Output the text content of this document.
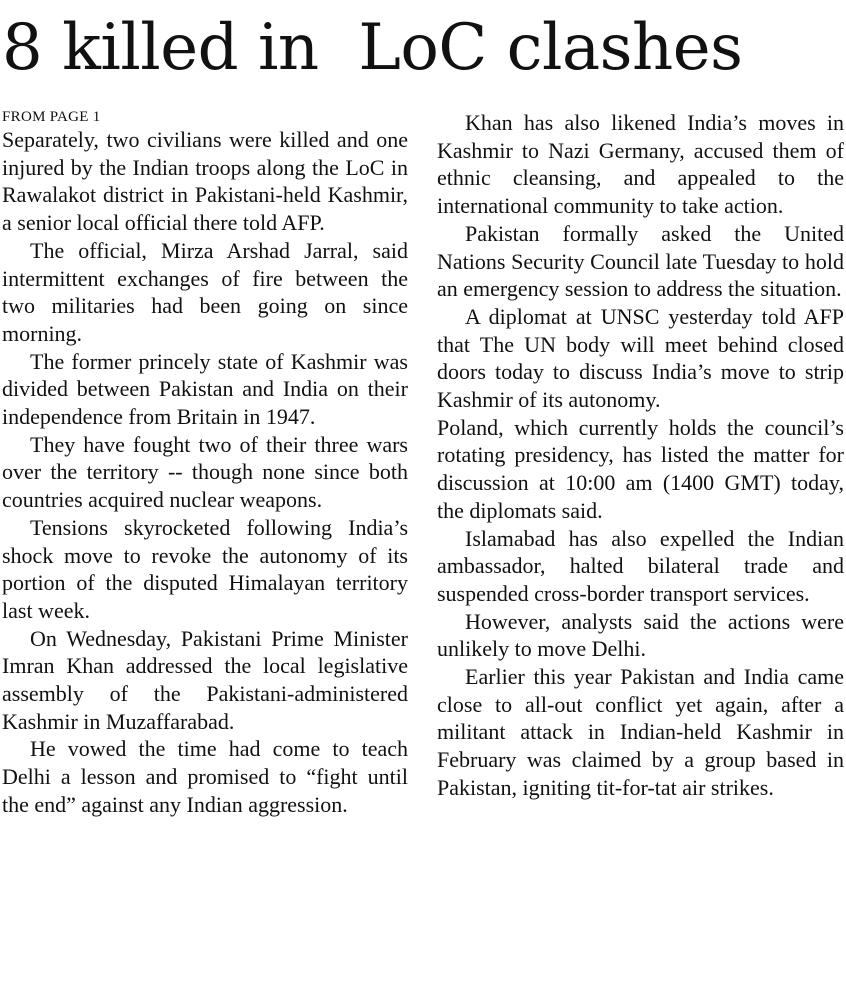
8 killed in  LoC clashes
FROM PAGE 1

Separately, two civilians were killed and one injured by the Indian troops along the LoC in Rawalakot district in Pakistani-held Kashmir, a senior local official there told AFP.

The official, Mirza Arshad Jarral, said intermittent exchanges of fire between the two militaries had been going on since morning.

The former princely state of Kashmir was divided between Pakistan and India on their independence from Britain in 1947.

They have fought two of their three wars over the territory -- though none since both countries acquired nuclear weapons.

Tensions skyrocketed following India’s shock move to revoke the autonomy of its portion of the disputed Himalayan territory last week.

On Wednesday, Pakistani Prime Minister Imran Khan addressed the local legislative assembly of the Pakistani-administered Kashmir in Muzaffarabad.

He vowed the time had come to teach Delhi a lesson and promised to “fight until the end” against any Indian aggression.

Khan has also likened India’s moves in Kashmir to Nazi Germany, accused them of ethnic cleansing, and appealed to the international community to take action.

Pakistan formally asked the United Nations Security Council late Tuesday to hold an emergency session to address the situation.

A diplomat at UNSC yesterday told AFP that The UN body will meet behind closed doors today to discuss India’s move to strip Kashmir of its autonomy.

Poland, which currently holds the council’s rotating presidency, has listed the matter for discussion at 10:00 am (1400 GMT) today, the diplomats said.

Islamabad has also expelled the Indian ambassador, halted bilateral trade and suspended cross-border transport services.

However, analysts said the actions were unlikely to move Delhi.

Earlier this year Pakistan and India came close to all-out conflict yet again, after a militant attack in Indian-held Kashmir in February was claimed by a group based in Pakistan, igniting tit-for-tat air strikes.
